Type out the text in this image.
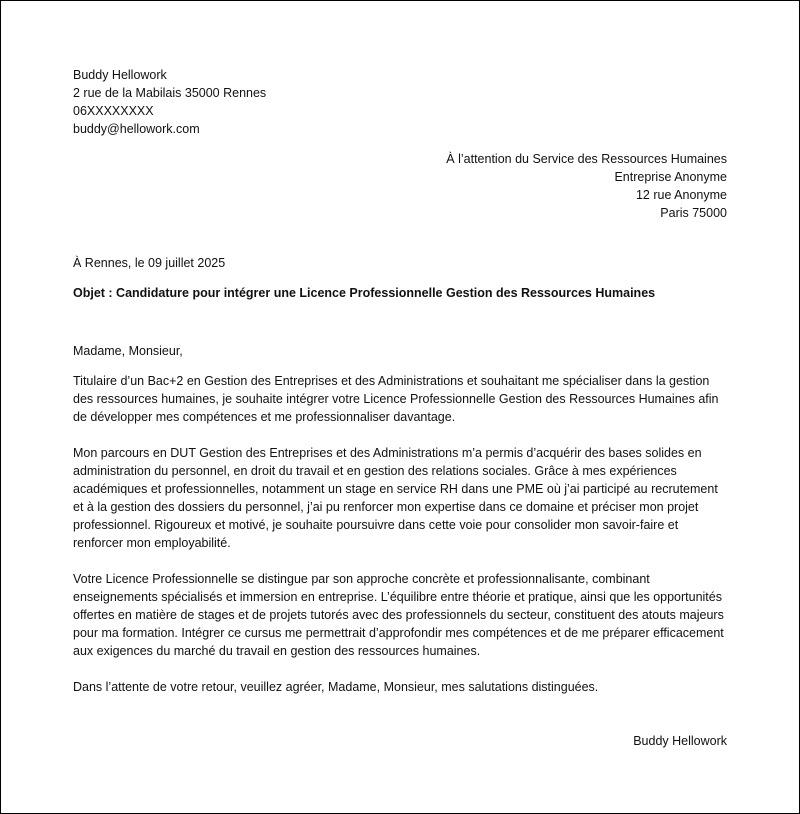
Buddy Hellowork

2 rue de la Mabilais 35000 Rennes

06XXXXXXXX

buddy@hellowork.com

À l’attention du Service des Ressources Humaines

Entreprise Anonyme

12 rue Anonyme

Paris 75000

À Rennes, le 09 juillet 2025

Objet : Candidature pour intégrer une Licence Professionnelle Gestion des Ressources Humaines

Madame, Monsieur,

Titulaire d’un Bac+2 en Gestion des Entreprises et des Administrations et souhaitant me spécialiser dans la gestion des ressources humaines, je souhaite intégrer votre Licence Professionnelle Gestion des Ressources Humaines afin de développer mes compétences et me professionnaliser davantage.

Mon parcours en DUT Gestion des Entreprises et des Administrations m’a permis d’acquérir des bases solides en administration du personnel, en droit du travail et en gestion des relations sociales. Grâce à mes expériences académiques et professionnelles, notamment un stage en service RH dans une PME où j’ai participé au recrutement et à la gestion des dossiers du personnel, j’ai pu renforcer mon expertise dans ce domaine et préciser mon projet professionnel. Rigoureux et motivé, je souhaite poursuivre dans cette voie pour consolider mon savoir-faire et renforcer mon employabilité.

Votre Licence Professionnelle se distingue par son approche concrète et professionnalisante, combinant enseignements spécialisés et immersion en entreprise. L’équilibre entre théorie et pratique, ainsi que les opportunités offertes en matière de stages et de projets tutorés avec des professionnels du secteur, constituent des atouts majeurs pour ma formation. Intégrer ce cursus me permettrait d’approfondir mes compétences et de me préparer efficacement aux exigences du marché du travail en gestion des ressources humaines.

Dans l’attente de votre retour, veuillez agréer, Madame, Monsieur, mes salutations distinguées.

Buddy Hellowork
